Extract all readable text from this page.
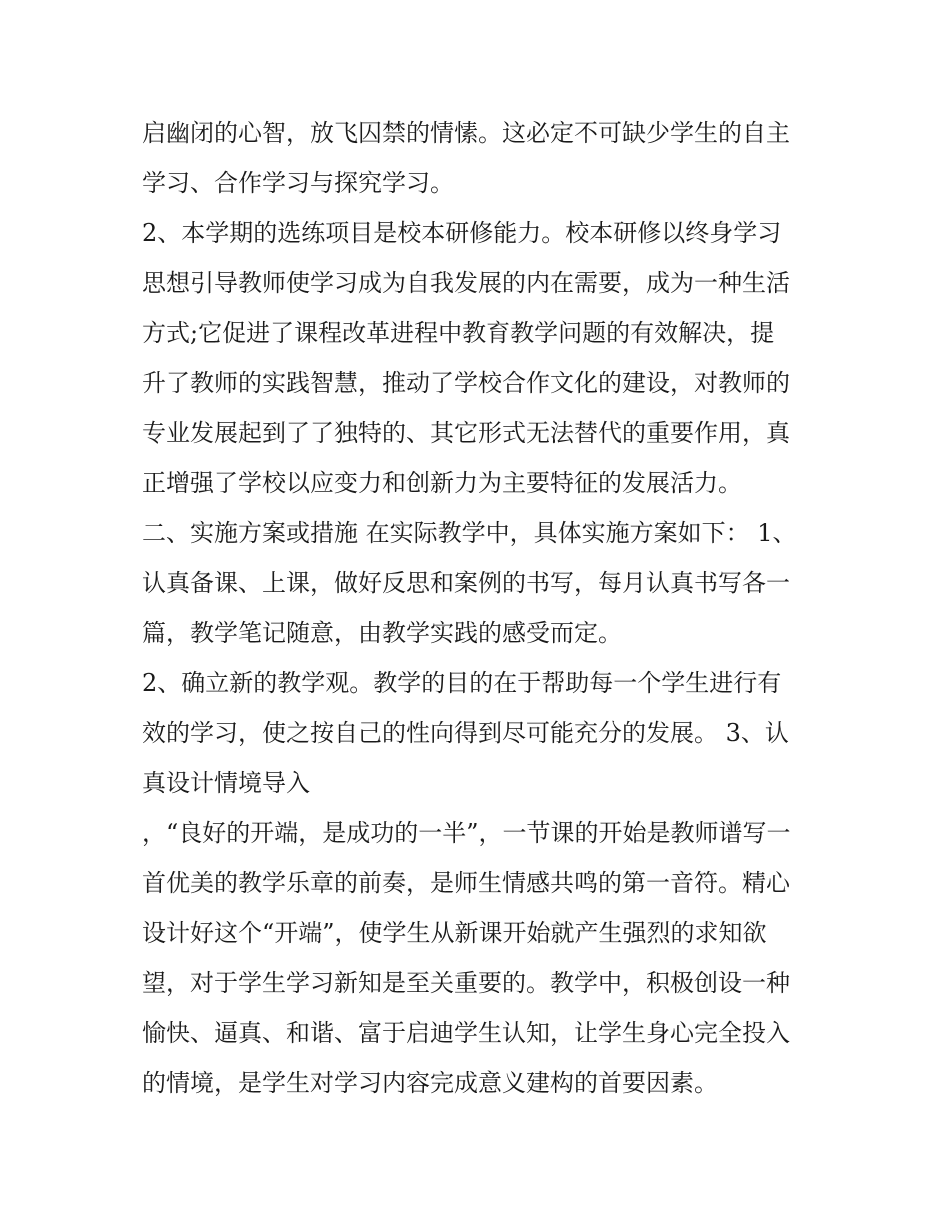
启幽闭的心智，放飞囚禁的情愫。这必定不可缺少学生的自主
学习、合作学习与探究学习。
2、本学期的选练项目是校本研修能力。校本研修以终身学习
思想引导教师使学习成为自我发展的内在需要，成为一种生活
方式;它促进了课程改革进程中教育教学问题的有效解决，提
升了教师的实践智慧，推动了学校合作文化的建设，对教师的
专业发展起到了了独特的、其它形式无法替代的重要作用，真
正增强了学校以应变力和创新力为主要特征的发展活力。
二、实施方案或措施 在实际教学中，具体实施方案如下： 1、
认真备课、上课，做好反思和案例的书写，每月认真书写各一
篇，教学笔记随意，由教学实践的感受而定。
2、确立新的教学观。教学的目的在于帮助每一个学生进行有
效的学习，使之按自己的性向得到尽可能充分的发展。 3、认
真设计情境导入
，“良好的开端，是成功的一半”，一节课的开始是教师谱写一
首优美的教学乐章的前奏，是师生情感共鸣的第一音符。精心
设计好这个“开端”，使学生从新课开始就产生强烈的求知欲
望，对于学生学习新知是至关重要的。教学中，积极创设一种
愉快、逼真、和谐、富于启迪学生认知，让学生身心完全投入
的情境，是学生对学习内容完成意义建构的首要因素。
